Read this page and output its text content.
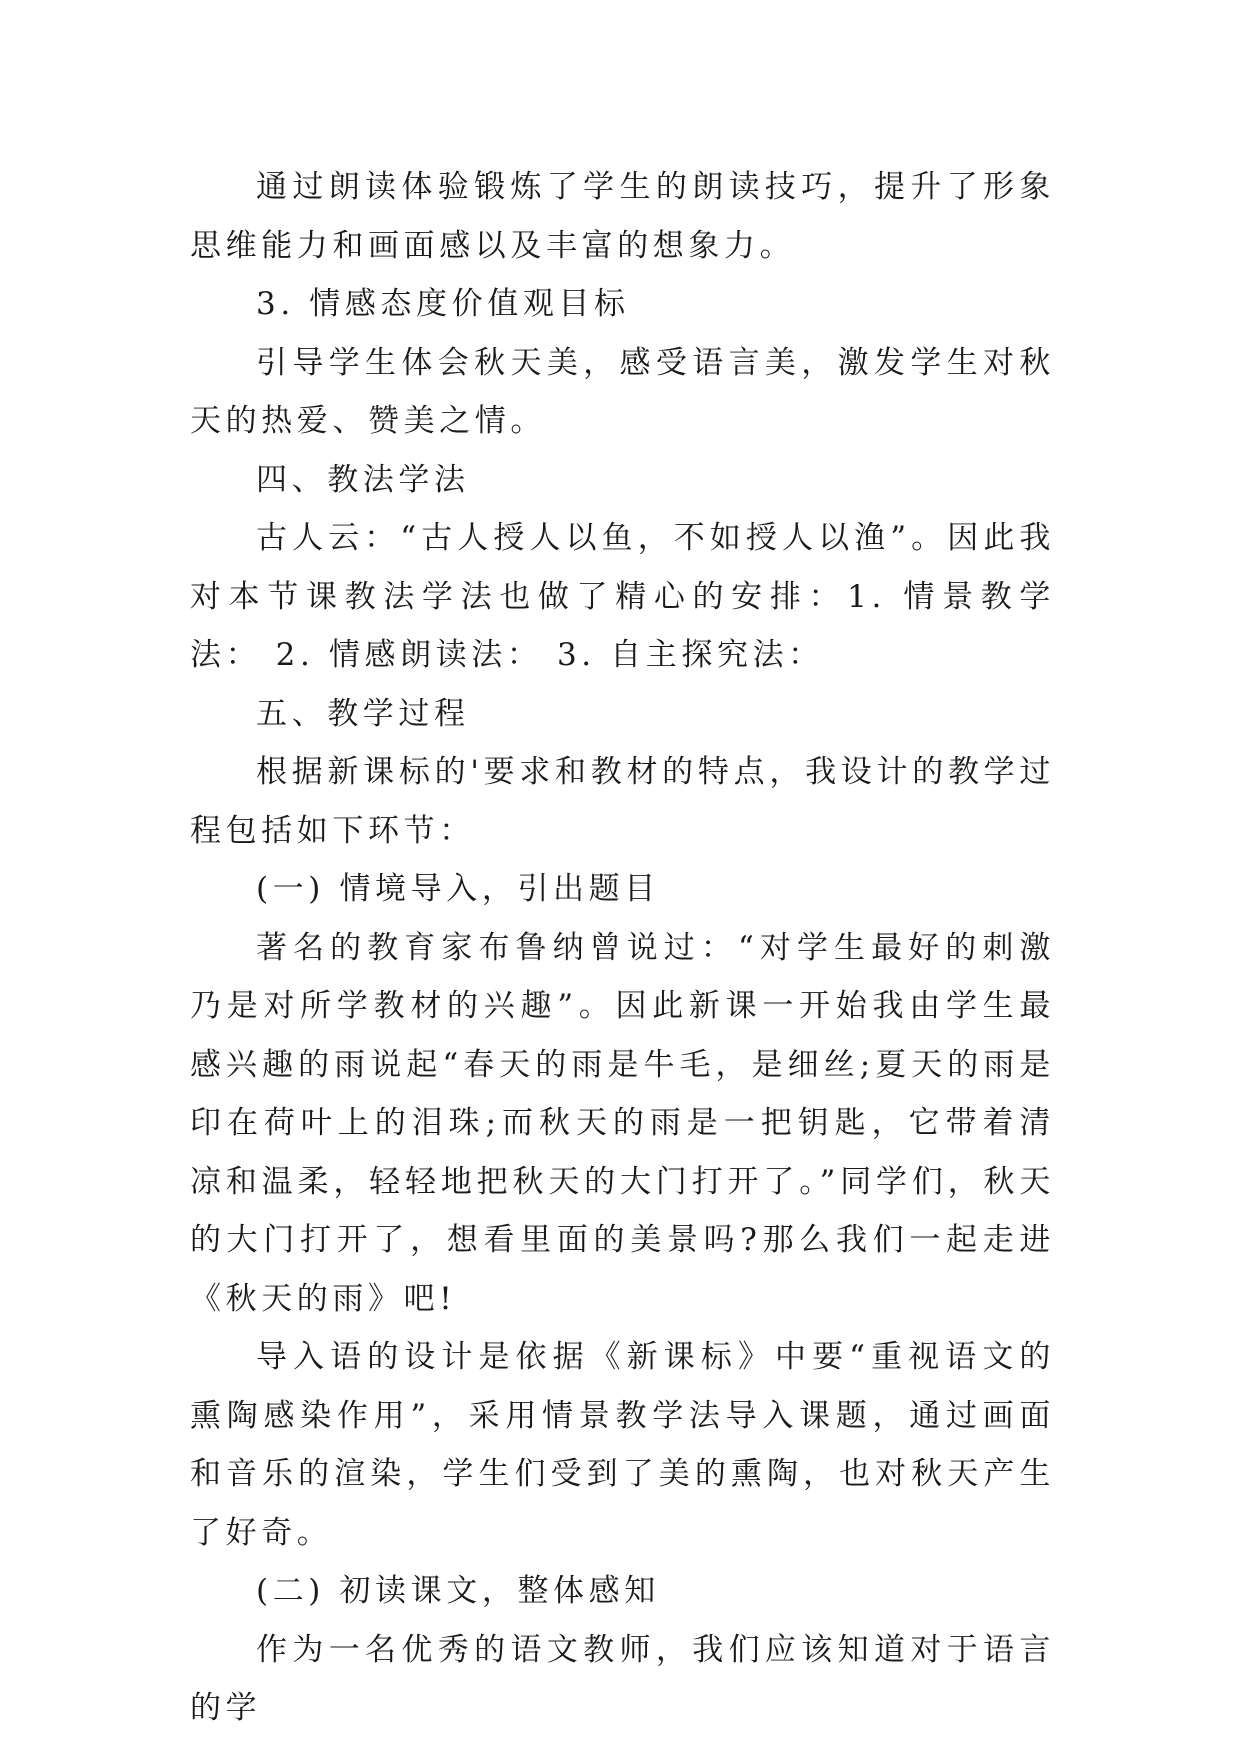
通过朗读体验锻炼了学生的朗读技巧，提升了形象思维能力和画面感以及丰富的想象力。

3. 情感态度价值观目标

引导学生体会秋天美，感受语言美，激发学生对秋天的热爱、赞美之情。

四、教法学法

古人云：“古人授人以鱼，不如授人以渔”。因此我对本节课教法学法也做了精心的安排：1. 情景教学法： 2. 情感朗读法： 3. 自主探究法：

五、教学过程

根据新课标的'要求和教材的特点，我设计的教学过程包括如下环节：

(一) 情境导入，引出题目

著名的教育家布鲁纳曾说过：“对学生最好的刺激乃是对所学教材的兴趣”。因此新课一开始我由学生最感兴趣的雨说起“春天的雨是牛毛，是细丝;夏天的雨是印在荷叶上的泪珠;而秋天的雨是一把钥匙，它带着清凉和温柔，轻轻地把秋天的大门打开了。”同学们，秋天的大门打开了，想看里面的美景吗?那么我们一起走进《秋天的雨》吧!

导入语的设计是依据《新课标》中要“重视语文的熏陶感染作用”，采用情景教学法导入课题，通过画面和音乐的渲染，学生们受到了美的熏陶，也对秋天产生了好奇。

(二) 初读课文，整体感知

作为一名优秀的语文教师，我们应该知道对于语言的学
